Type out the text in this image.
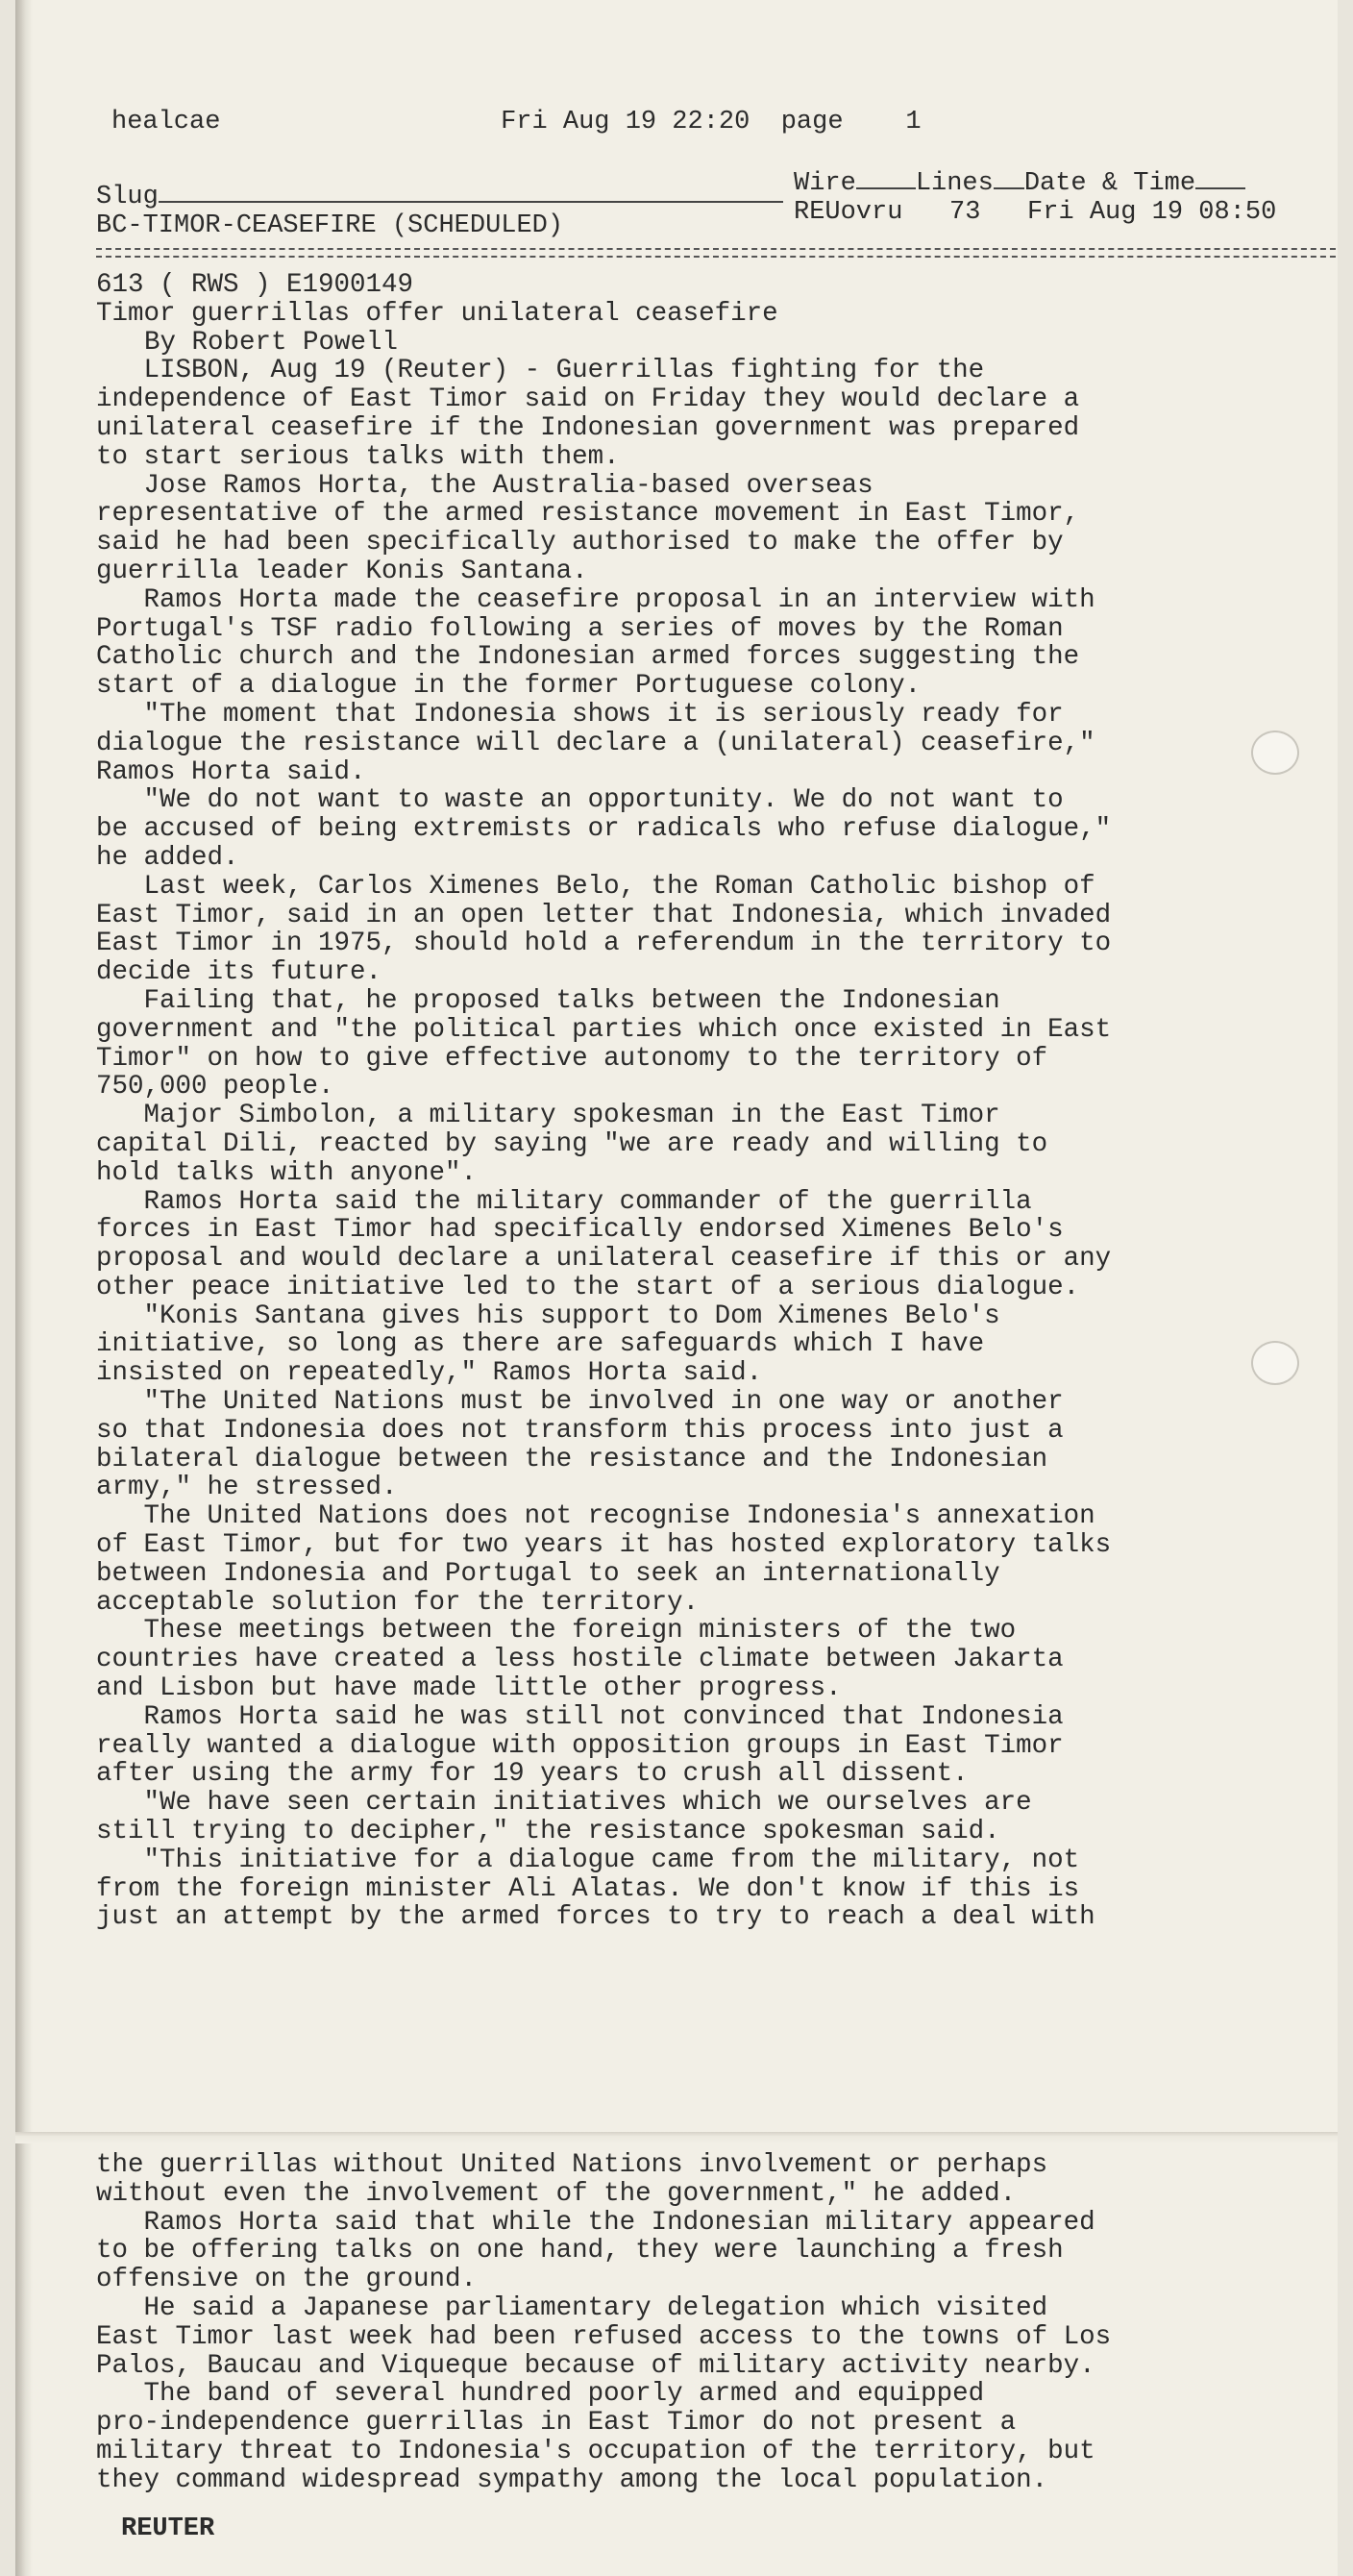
healcae	Fri Aug 19 22:20 page 1
Slug	Wire Lines Date & Time
BC-TIMOR-CEASEFIRE (SCHEDULED)	REUovru 73 Fri Aug 19 08:50
613 ( RWS ) E1900149
Timor guerrillas offer unilateral ceasefire
By Robert Powell
LISBON, Aug 19 (Reuter) - Guerrillas fighting for the
independence of East Timor said on Friday they would declare a
unilateral ceasefire if the Indonesian government was prepared
to start serious talks with them.
Jose Ramos Horta, the Australia-based overseas
representative of the armed resistance movement in East Timor,
said he had been specifically authorised to make the offer by
guerrilla leader Konis Santana.
Ramos Horta made the ceasefire proposal in an interview with
Portugal's TSF radio following a series of moves by the Roman
Catholic church and the Indonesian armed forces suggesting the
start of a dialogue in the former Portuguese colony.
"The moment that Indonesia shows it is seriously ready for
dialogue the resistance will declare a (unilateral) ceasefire,"
Ramos Horta said.
"We do not want to waste an opportunity. We do not want to
be accused of being extremists or radicals who refuse dialogue,"
he added.
Last week, Carlos Ximenes Belo, the Roman Catholic bishop of
East Timor, said in an open letter that Indonesia, which invaded
East Timor in 1975, should hold a referendum in the territory to
decide its future.
Failing that, he proposed talks between the Indonesian
government and "the political parties which once existed in East
Timor" on how to give effective autonomy to the territory of
750,000 people.
Major Simbolon, a military spokesman in the East Timor
capital Dili, reacted by saying "we are ready and willing to
hold talks with anyone".
Ramos Horta said the military commander of the guerrilla
forces in East Timor had specifically endorsed Ximenes Belo's
proposal and would declare a unilateral ceasefire if this or any
other peace initiative led to the start of a serious dialogue.
"Konis Santana gives his support to Dom Ximenes Belo's
initiative, so long as there are safeguards which I have
insisted on repeatedly," Ramos Horta said.
"The United Nations must be involved in one way or another
so that Indonesia does not transform this process into just a
bilateral dialogue between the resistance and the Indonesian
army," he stressed.
The United Nations does not recognise Indonesia's annexation
of East Timor, but for two years it has hosted exploratory talks
between Indonesia and Portugal to seek an internationally
acceptable solution for the territory.
These meetings between the foreign ministers of the two
countries have created a less hostile climate between Jakarta
and Lisbon but have made little other progress.
Ramos Horta said he was still not convinced that Indonesia
really wanted a dialogue with opposition groups in East Timor
after using the army for 19 years to crush all dissent.
"We have seen certain initiatives which we ourselves are
still trying to decipher," the resistance spokesman said.
"This initiative for a dialogue came from the military, not
from the foreign minister Ali Alatas. We don't know if this is
just an attempt by the armed forces to try to reach a deal with
the guerrillas without United Nations involvement or perhaps
without even the involvement of the government," he added.
Ramos Horta said that while the Indonesian military appeared
to be offering talks on one hand, they were launching a fresh
offensive on the ground.
He said a Japanese parliamentary delegation which visited
East Timor last week had been refused access to the towns of Los
Palos, Baucau and Viqueque because of military activity nearby.
The band of several hundred poorly armed and equipped
pro-independence guerrillas in East Timor do not present a
military threat to Indonesia's occupation of the territory, but
they command widespread sympathy among the local population.
REUTER
